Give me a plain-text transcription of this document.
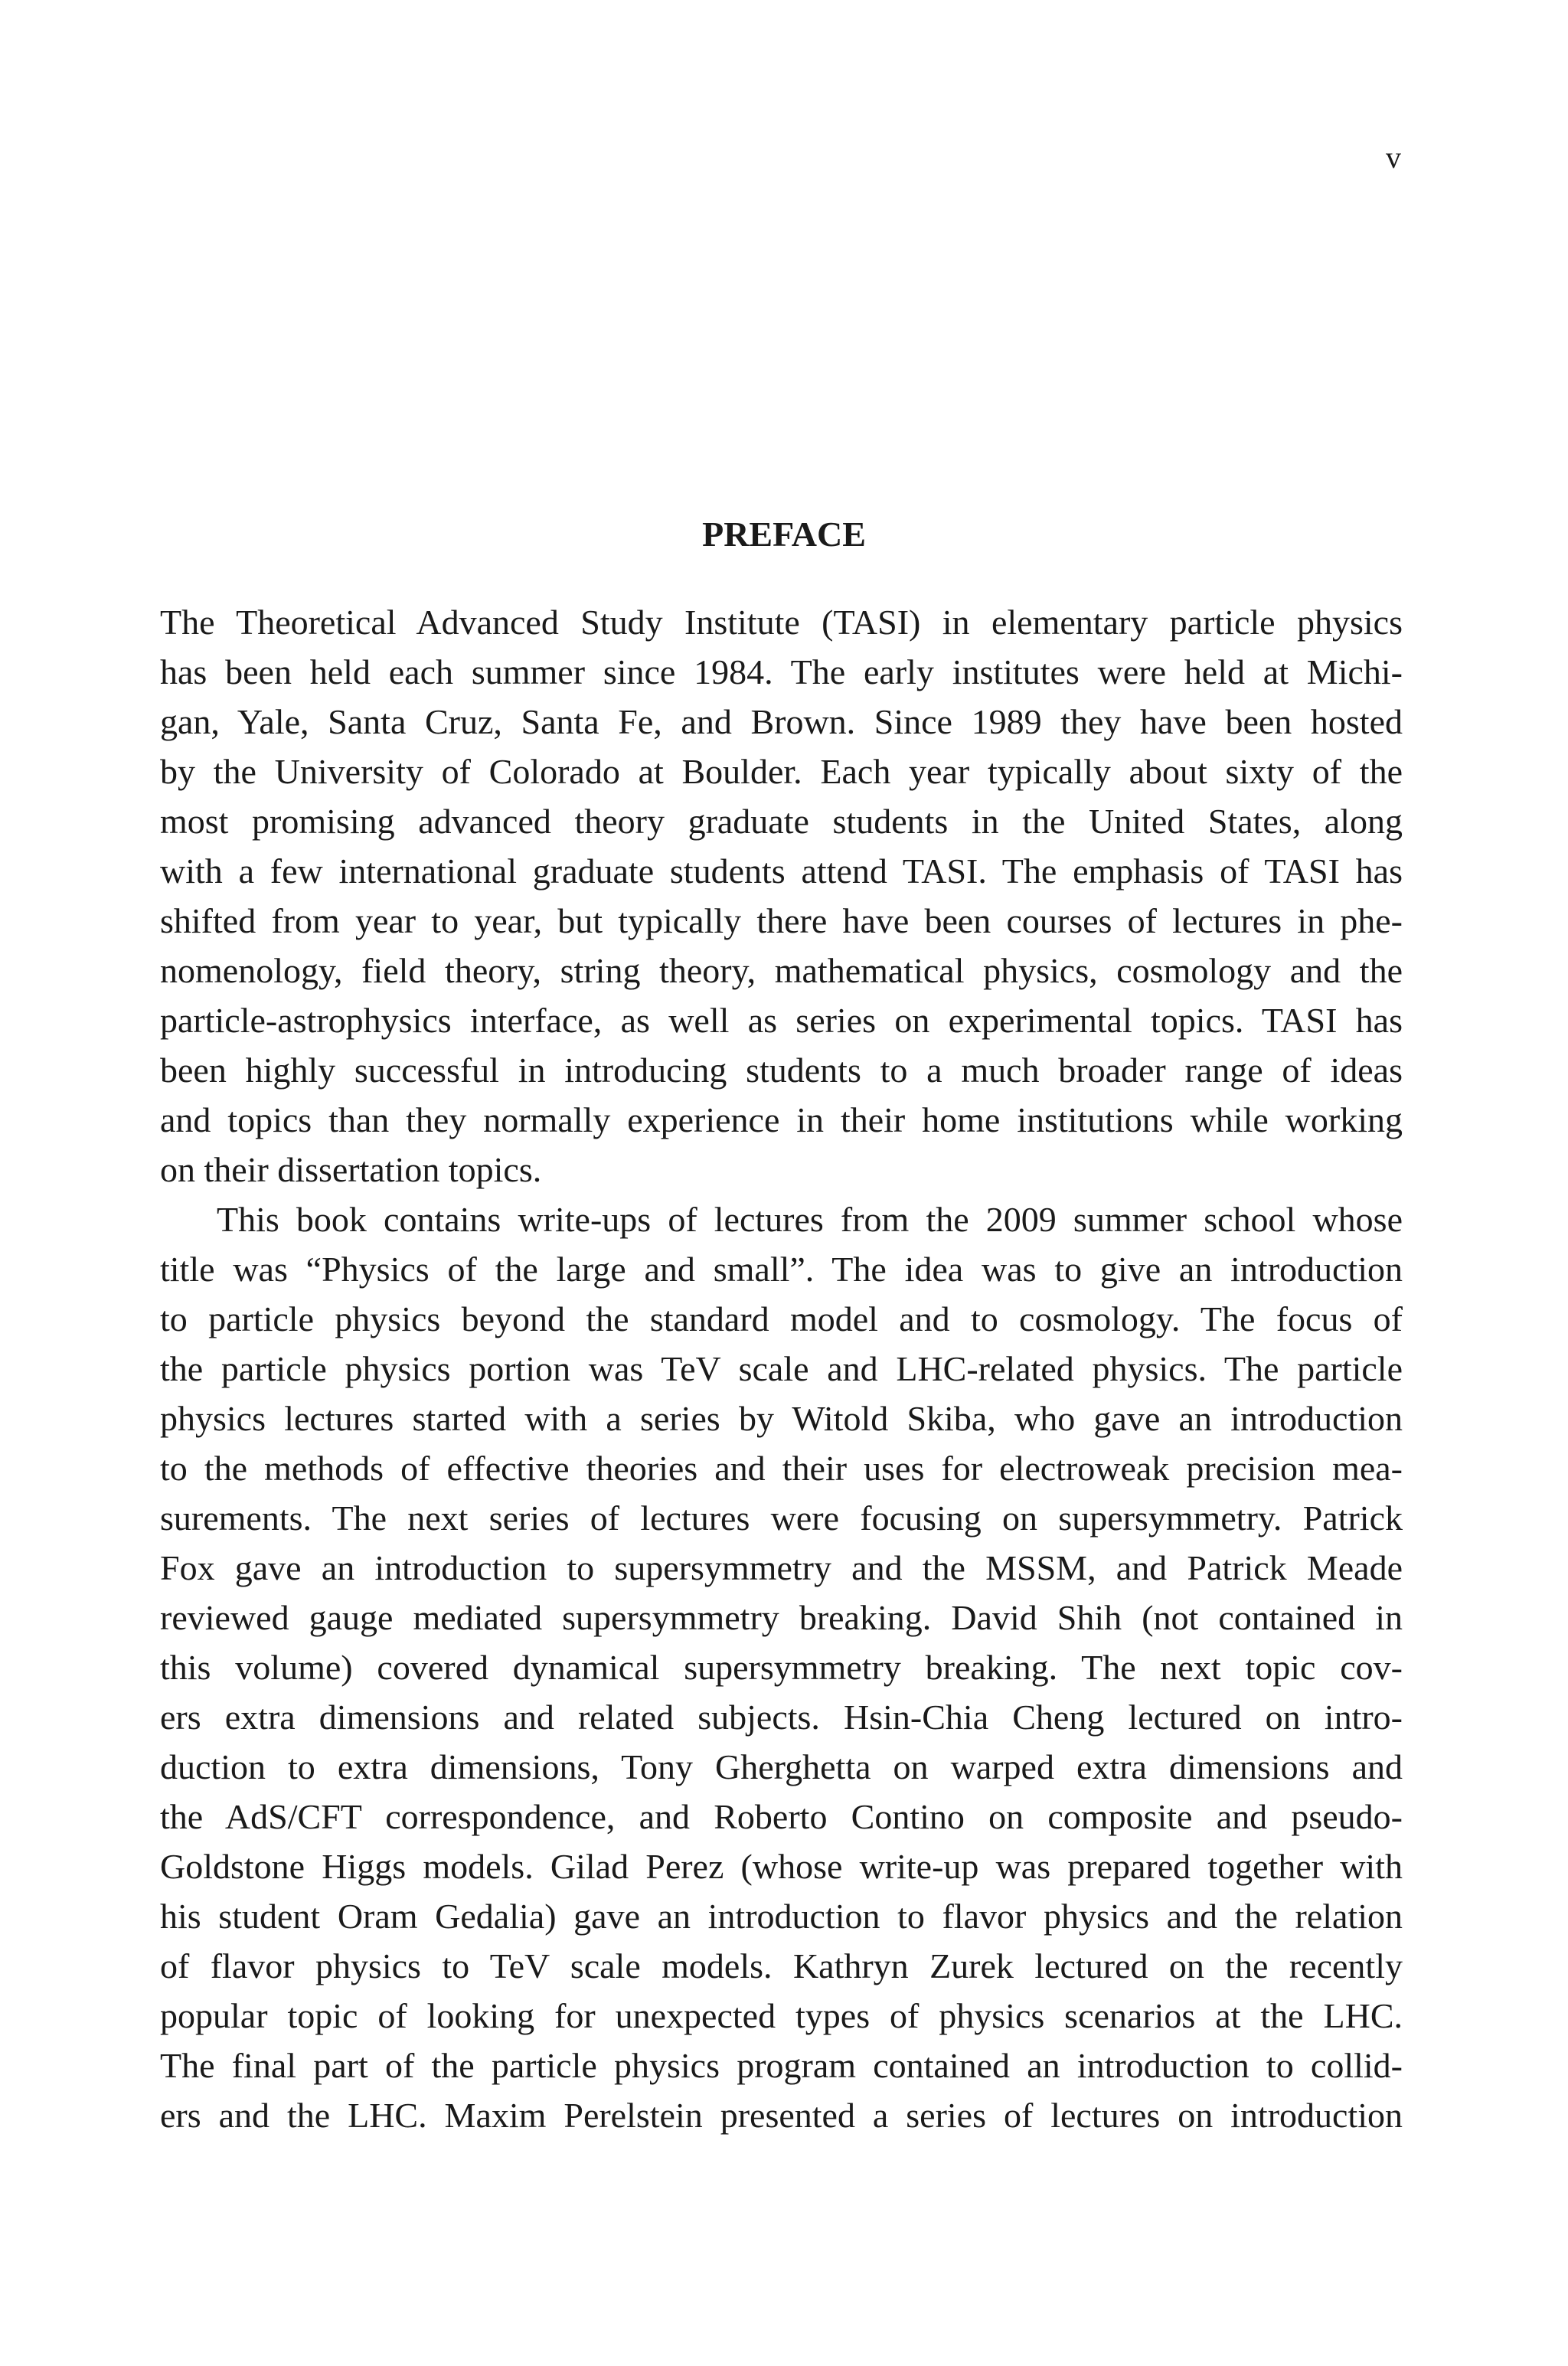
v
PREFACE

The Theoretical Advanced Study Institute (TASI) in elementary particle physics
has been held each summer since 1984. The early institutes were held at Michi-
gan, Yale, Santa Cruz, Santa Fe, and Brown. Since 1989 they have been hosted
by the University of Colorado at Boulder. Each year typically about sixty of the
most promising advanced theory graduate students in the United States, along
with a few international graduate students attend TASI. The emphasis of TASI has
shifted from year to year, but typically there have been courses of lectures in phe-
nomenology, field theory, string theory, mathematical physics, cosmology and the
particle-astrophysics interface, as well as series on experimental topics. TASI has
been highly successful in introducing students to a much broader range of ideas
and topics than they normally experience in their home institutions while working
on their dissertation topics.

This book contains write-ups of lectures from the 2009 summer school whose
title was “Physics of the large and small”. The idea was to give an introduction
to particle physics beyond the standard model and to cosmology. The focus of
the particle physics portion was TeV scale and LHC-related physics. The particle
physics lectures started with a series by Witold Skiba, who gave an introduction
to the methods of effective theories and their uses for electroweak precision mea-
surements. The next series of lectures were focusing on supersymmetry. Patrick
Fox gave an introduction to supersymmetry and the MSSM, and Patrick Meade
reviewed gauge mediated supersymmetry breaking. David Shih (not contained in
this volume) covered dynamical supersymmetry breaking. The next topic cov-
ers extra dimensions and related subjects. Hsin-Chia Cheng lectured on intro-
duction to extra dimensions, Tony Gherghetta on warped extra dimensions and
the AdS/CFT correspondence, and Roberto Contino on composite and pseudo-
Goldstone Higgs models. Gilad Perez (whose write-up was prepared together with
his student Oram Gedalia) gave an introduction to flavor physics and the relation
of flavor physics to TeV scale models. Kathryn Zurek lectured on the recently
popular topic of looking for unexpected types of physics scenarios at the LHC.
The final part of the particle physics program contained an introduction to collid-
ers and the LHC. Maxim Perelstein presented a series of lectures on introduction
